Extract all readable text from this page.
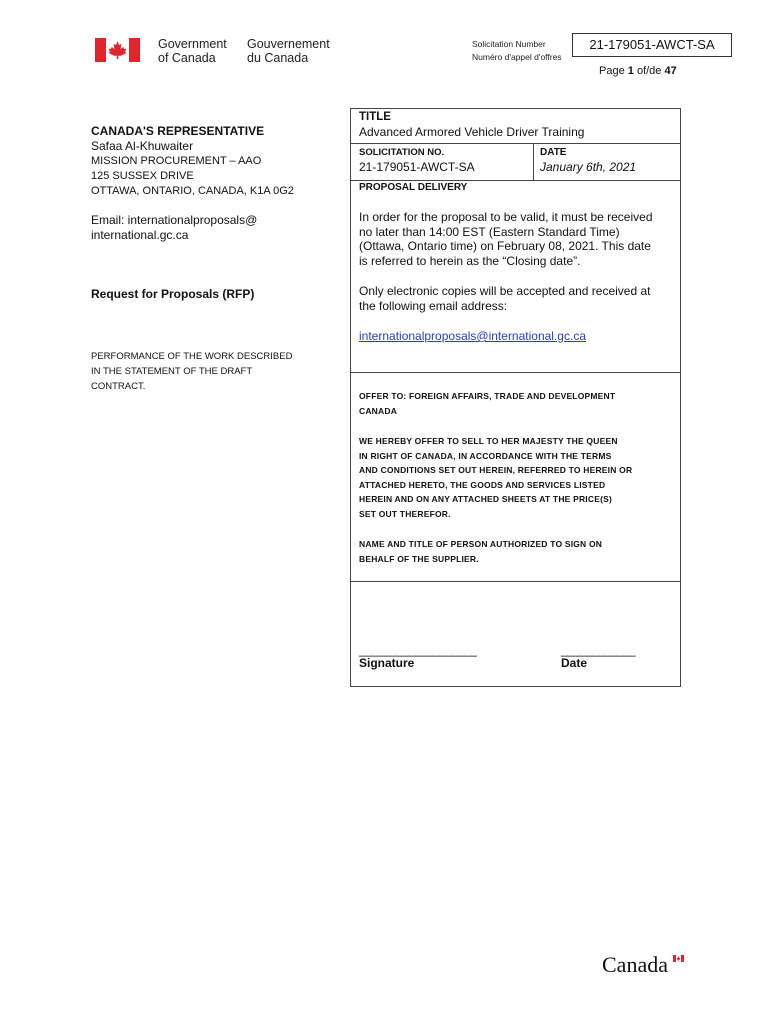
Government
of Canada
Gouvernement
du Canada
Solicitation Number
Numéro d'appel d'offres
21-179051-AWCT-SA
Page 1 of/de 47
CANADA'S REPRESENTATIVE
Safaa Al-Khuwaiter
MISSION PROCUREMENT – AAO
125 SUSSEX DRIVE
OTTAWA, ONTARIO, CANADA, K1A 0G2
Email: internationalproposals@
international.gc.ca
Request for Proposals (RFP)
PERFORMANCE OF THE WORK DESCRIBED
IN THE STATEMENT OF THE DRAFT
CONTRACT.
TITLE
Advanced Armored Vehicle Driver Training
SOLICITATION NO.
21-179051-AWCT-SA
DATE
January 6th, 2021
PROPOSAL DELIVERY
In order for the proposal to be valid, it must be received
no later than 14:00 EST (Eastern Standard Time)
(Ottawa, Ontario time) on February 08, 2021. This date
is referred to herein as the “Closing date”.
Only electronic copies will be accepted and received at
the following email address:
internationalproposals@international.gc.ca
OFFER TO: FOREIGN AFFAIRS, TRADE AND DEVELOPMENT
CANADA
WE HEREBY OFFER TO SELL TO HER MAJESTY THE QUEEN
IN RIGHT OF CANADA, IN ACCORDANCE WITH THE TERMS
AND CONDITIONS SET OUT HEREIN, REFERRED TO HEREIN OR
ATTACHED HERETO, THE GOODS AND SERVICES LISTED
HEREIN AND ON ANY ATTACHED SHEETS AT THE PRICE(S)
SET OUT THEREFOR.
NAME AND TITLE OF PERSON AUTHORIZED TO SIGN ON
BEHALF OF THE SUPPLIER.
___________________
Signature
____________
Date
Canada
